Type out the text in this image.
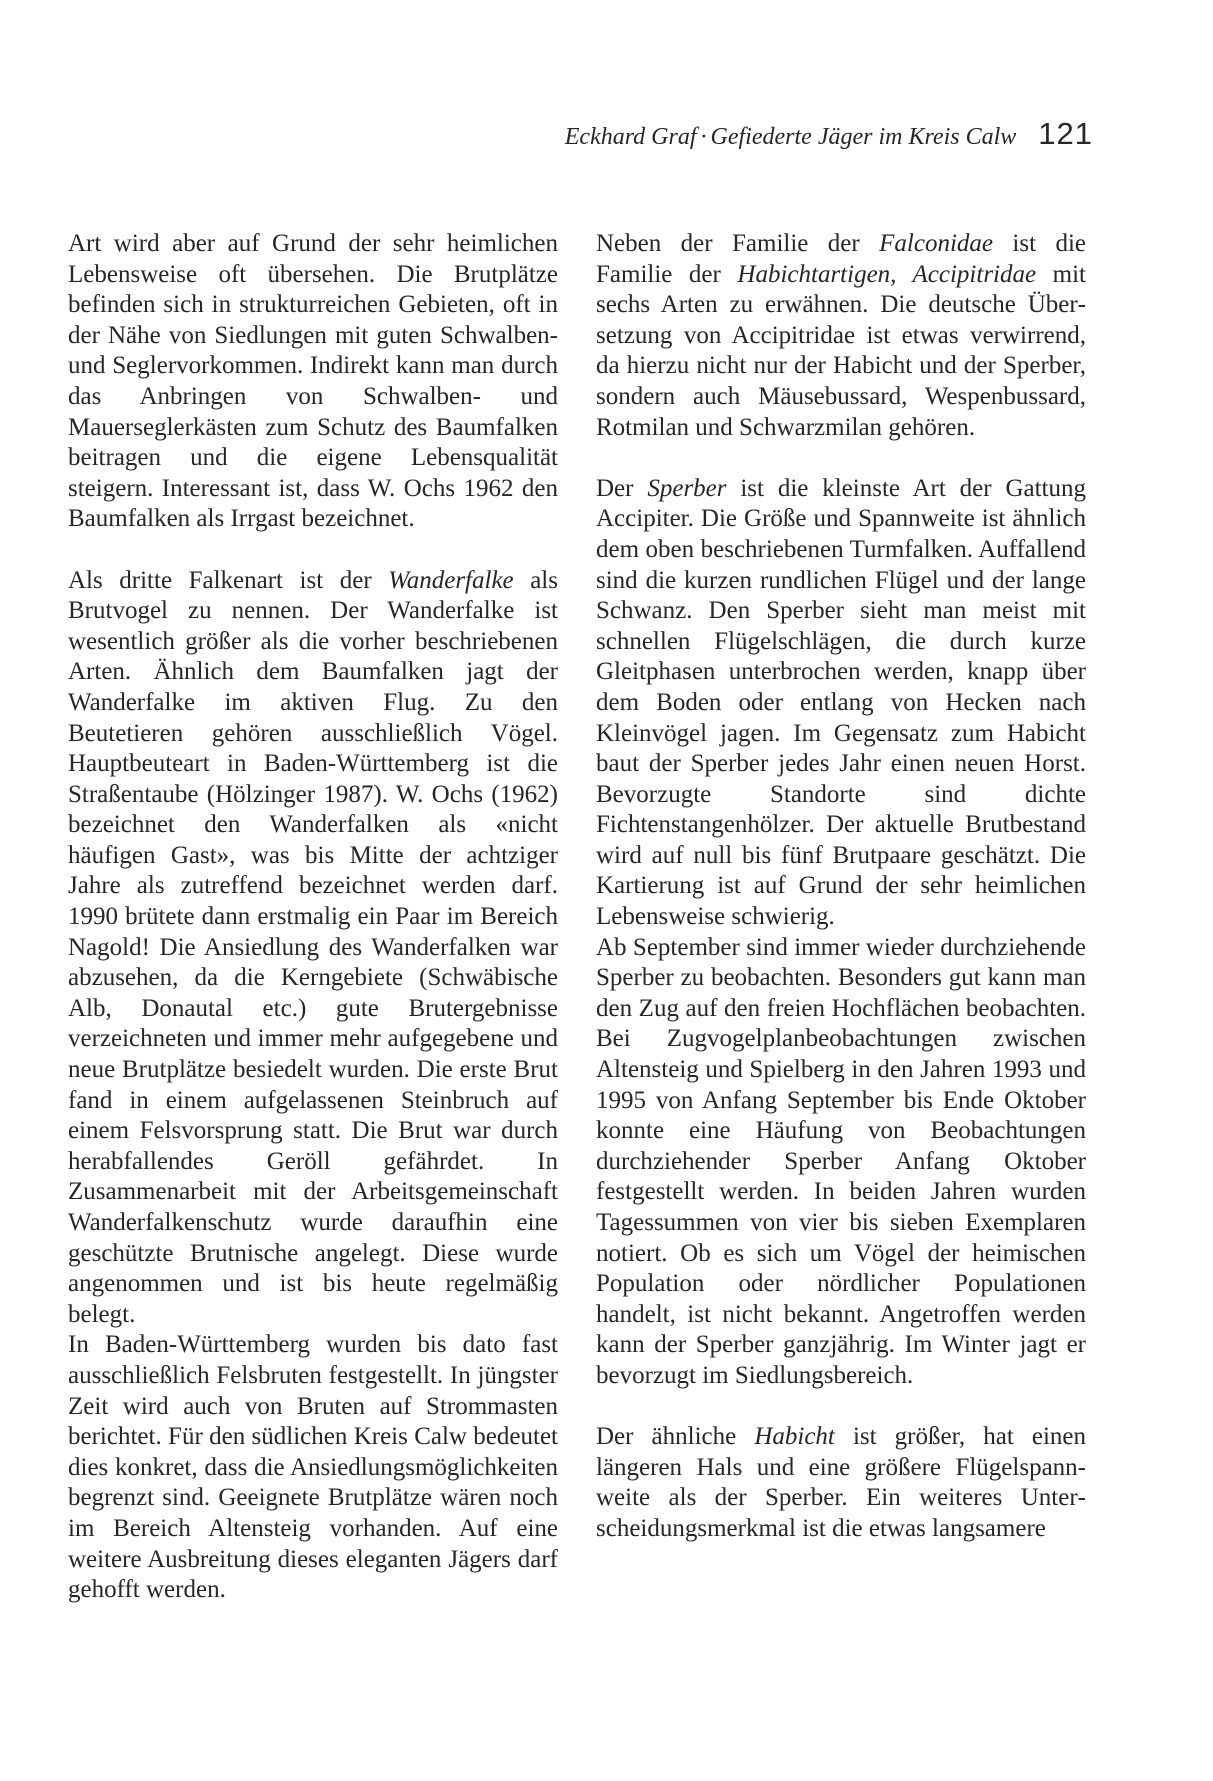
Eckhard Graf · Gefiederte Jäger im Kreis Calw 121

Art wird aber auf Grund der sehr heimlichen Lebensweise oft übersehen. Die Brutplätze befinden sich in strukturreichen Gebieten, oft in der Nähe von Siedlungen mit guten Schwalben- und Seglervorkommen. Indirekt kann man durch das Anbringen von Schwalben- und Mauerseglerkästen zum Schutz des Baumfalken beitragen und die eigene Lebensqualität steigern. Interessant ist, dass W. Ochs 1962 den Baumfalken als Irrgast bezeichnet.

Als dritte Falkenart ist der Wanderfalke als Brutvogel zu nennen. Der Wanderfalke ist wesentlich größer als die vorher beschriebenen Arten. Ähnlich dem Baumfalken jagt der Wanderfalke im aktiven Flug. Zu den Beutetieren gehören ausschließlich Vögel. Hauptbeuteart in Baden-Württemberg ist die Straßentaube (Hölzinger 1987). W. Ochs (1962) bezeichnet den Wanderfalken als «nicht häufigen Gast», was bis Mitte der achtziger Jahre als zutreffend bezeichnet werden darf. 1990 brütete dann erstmalig ein Paar im Bereich Nagold! Die Ansiedlung des Wanderfalken war abzusehen, da die Kerngebiete (Schwäbische Alb, Donautal etc.) gute Brutergebnisse verzeichneten und immer mehr aufgegebene und neue Brutplätze besiedelt wurden. Die erste Brut fand in einem aufgelassenen Steinbruch auf einem Felsvorsprung statt. Die Brut war durch herabfallendes Geröll gefährdet. In Zusammenarbeit mit der Arbeitsgemeinschaft Wanderfalkenschutz wurde daraufhin eine geschützte Brutnische angelegt. Diese wurde angenommen und ist bis heute regelmäßig belegt.

In Baden-Württemberg wurden bis dato fast ausschließlich Felsbruten festgestellt. In jüngster Zeit wird auch von Bruten auf Strommasten berichtet. Für den südlichen Kreis Calw bedeutet dies konkret, dass die Ansiedlungsmöglichkeiten begrenzt sind. Geeignete Brutplätze wären noch im Bereich Altensteig vorhanden. Auf eine weitere Ausbreitung dieses eleganten Jägers darf gehofft werden.

Neben der Familie der Falconidae ist die Familie der Habichtartigen, Accipitridae mit sechs Arten zu erwähnen. Die deutsche Übersetzung von Accipitridae ist etwas verwirrend, da hierzu nicht nur der Habicht und der Sperber, sondern auch Mäusebussard, Wespenbussard, Rotmilan und Schwarzmilan gehören.

Der Sperber ist die kleinste Art der Gattung Accipiter. Die Größe und Spannweite ist ähnlich dem oben beschriebenen Turmfalken. Auffallend sind die kurzen rundlichen Flügel und der lange Schwanz. Den Sperber sieht man meist mit schnellen Flügelschlägen, die durch kurze Gleitphasen unterbrochen werden, knapp über dem Boden oder entlang von Hecken nach Kleinvögel jagen. Im Gegensatz zum Habicht baut der Sperber jedes Jahr einen neuen Horst. Bevorzugte Standorte sind dichte Fichtenstangenhölzer. Der aktuelle Brutbestand wird auf null bis fünf Brutpaare geschätzt. Die Kartierung ist auf Grund der sehr heimlichen Lebensweise schwierig.

Ab September sind immer wieder durchziehende Sperber zu beobachten. Besonders gut kann man den Zug auf den freien Hochflächen beobachten. Bei Zugvogelplanbeobachtungen zwischen Altensteig und Spielberg in den Jahren 1993 und 1995 von Anfang September bis Ende Oktober konnte eine Häufung von Beobachtungen durchziehender Sperber Anfang Oktober festgestellt werden. In beiden Jahren wurden Tagessummen von vier bis sieben Exemplaren notiert. Ob es sich um Vögel der heimischen Population oder nördlicher Populationen handelt, ist nicht bekannt. Angetroffen werden kann der Sperber ganzjährig. Im Winter jagt er bevorzugt im Siedlungsbereich.

Der ähnliche Habicht ist größer, hat einen längeren Hals und eine größere Flügelspannweite als der Sperber. Ein weiteres Unterscheidungsmerkmal ist die etwas langsamere
